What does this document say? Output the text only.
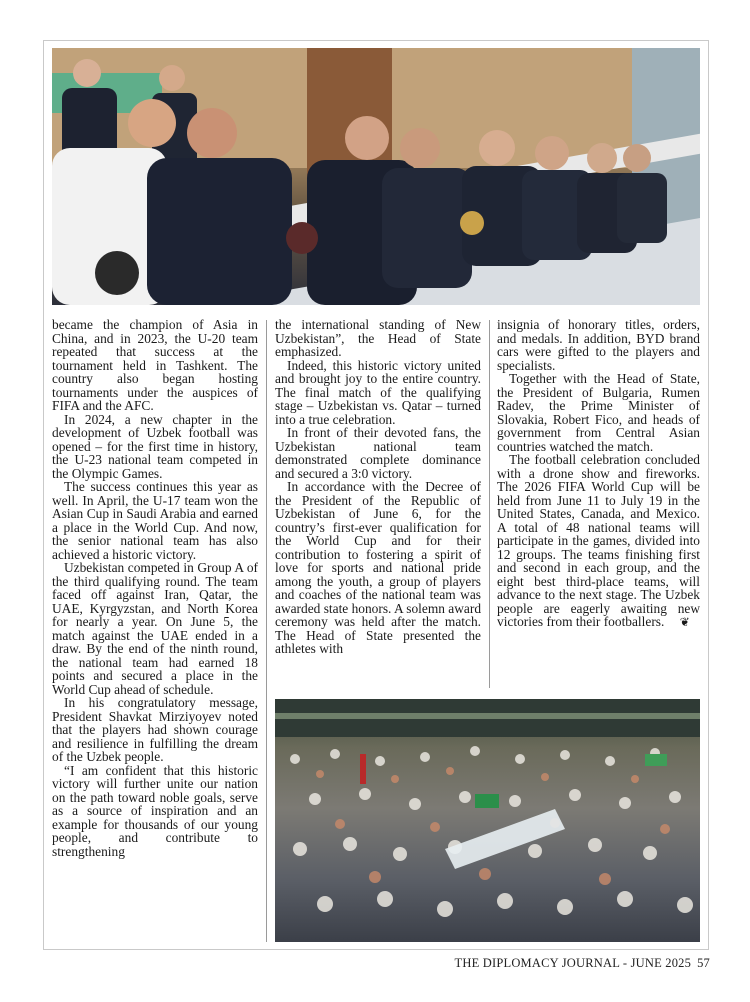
became the champion of Asia in China, and in 2023, the U-20 team repeated that success at the tournament held in Tashkent. The country also began hosting tournaments under the auspices of FIFA and the AFC.

In 2024, a new chapter in the development of Uzbek football was opened – for the first time in history, the U-23 national team competed in the Olympic Games.

The success continues this year as well. In April, the U-17 team won the Asian Cup in Saudi Arabia and earned a place in the World Cup. And now, the senior national team has also achieved a historic victory.

Uzbekistan competed in Group A of the third qualifying round. The team faced off against Iran, Qatar, the UAE, Kyrgyzstan, and North Korea for nearly a year. On June 5, the match against the UAE ended in a draw. By the end of the ninth round, the national team had earned 18 points and secured a place in the World Cup ahead of schedule.

In his congratulatory message, President Shavkat Mirziyoyev noted that the players had shown courage and resilience in fulfilling the dream of the Uzbek people.

“I am confident that this historic victory will further unite our nation on the path toward noble goals, serve as a source of inspiration and an example for thousands of our young people, and contribute to strengthening

the international standing of New Uzbekistan”, the Head of State emphasized.

Indeed, this historic victory united and brought joy to the entire country. The final match of the qualifying stage – Uzbekistan vs. Qatar – turned into a true celebration.

In front of their devoted fans, the Uzbekistan national team demonstrated complete dominance and secured a 3:0 victory.

In accordance with the Decree of the President of the Republic of Uzbekistan of June 6, for the country’s first-ever qualification for the World Cup and for their contribution to fostering a spirit of love for sports and national pride among the youth, a group of players and coaches of the national team was awarded state honors. A solemn award ceremony was held after the match. The Head of State presented the athletes with

insignia of honorary titles, orders, and medals. In addition, BYD brand cars were gifted to the players and specialists.

Together with the Head of State, the President of Bulgaria, Rumen Radev, the Prime Minister of Slovakia, Robert Fico, and heads of government from Central Asian countries watched the match.

The football celebration concluded with a drone show and fireworks. The 2026 FIFA World Cup will be held from June 11 to July 19 in the United States, Canada, and Mexico. A total of 48 national teams will participate in the games, divided into 12 groups. The teams finishing first and second in each group, and the eight best third-place teams, will advance to the next stage. The Uzbek people are eagerly awaiting new victories from their footballers. ❦

THE DIPLOMACY JOURNAL - JUNE 2025 57
